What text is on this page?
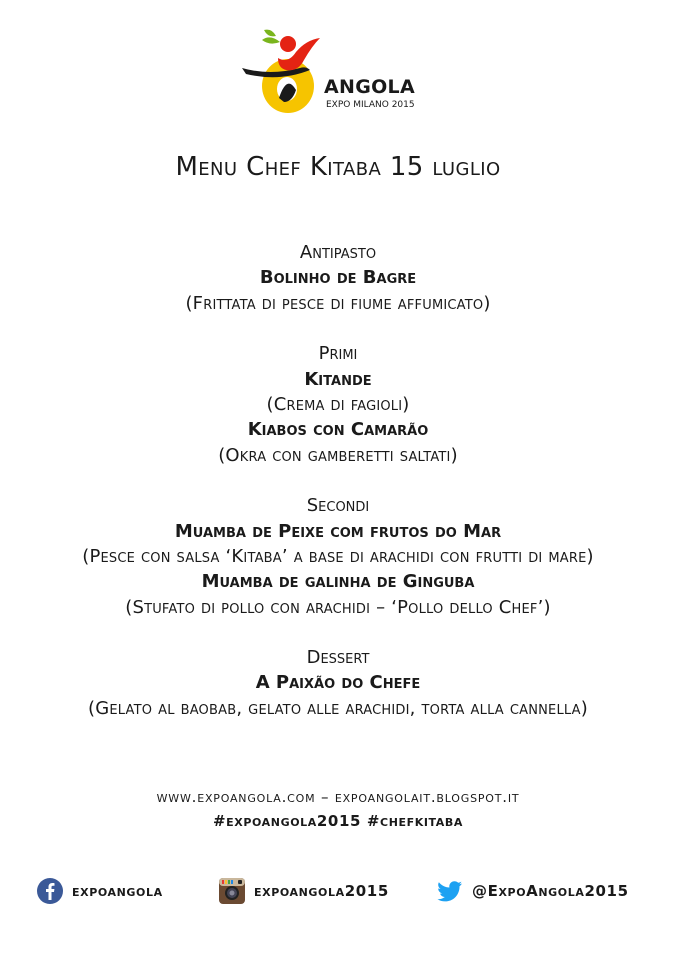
ANGOLA
EXPO MILANO 2015
Menu Chef Kitaba 15 luglio
Antipasto
Bolinho de Bagre
(Frittata di pesce di fiume affumicato)
Primi
Kitande
(Crema di fagioli)
Kiabos con Camarão
(Okra con gamberetti saltati)
Secondi
Muamba de Peixe com frutos do Mar
(Pesce con salsa ‘Kitaba’ a base di arachidi con frutti di mare)
Muamba de galinha de Ginguba
(Stufato di pollo con arachidi – ‘Pollo dello Chef’)
Dessert
A Paixão do Chefe
(Gelato al baobab, gelato alle arachidi, torta alla cannella)
www.expoangola.com – expoangolait.blogspot.it
#expoangola2015 #chefkitaba
expoangola	expoangola2015	@ExpoAngola2015
